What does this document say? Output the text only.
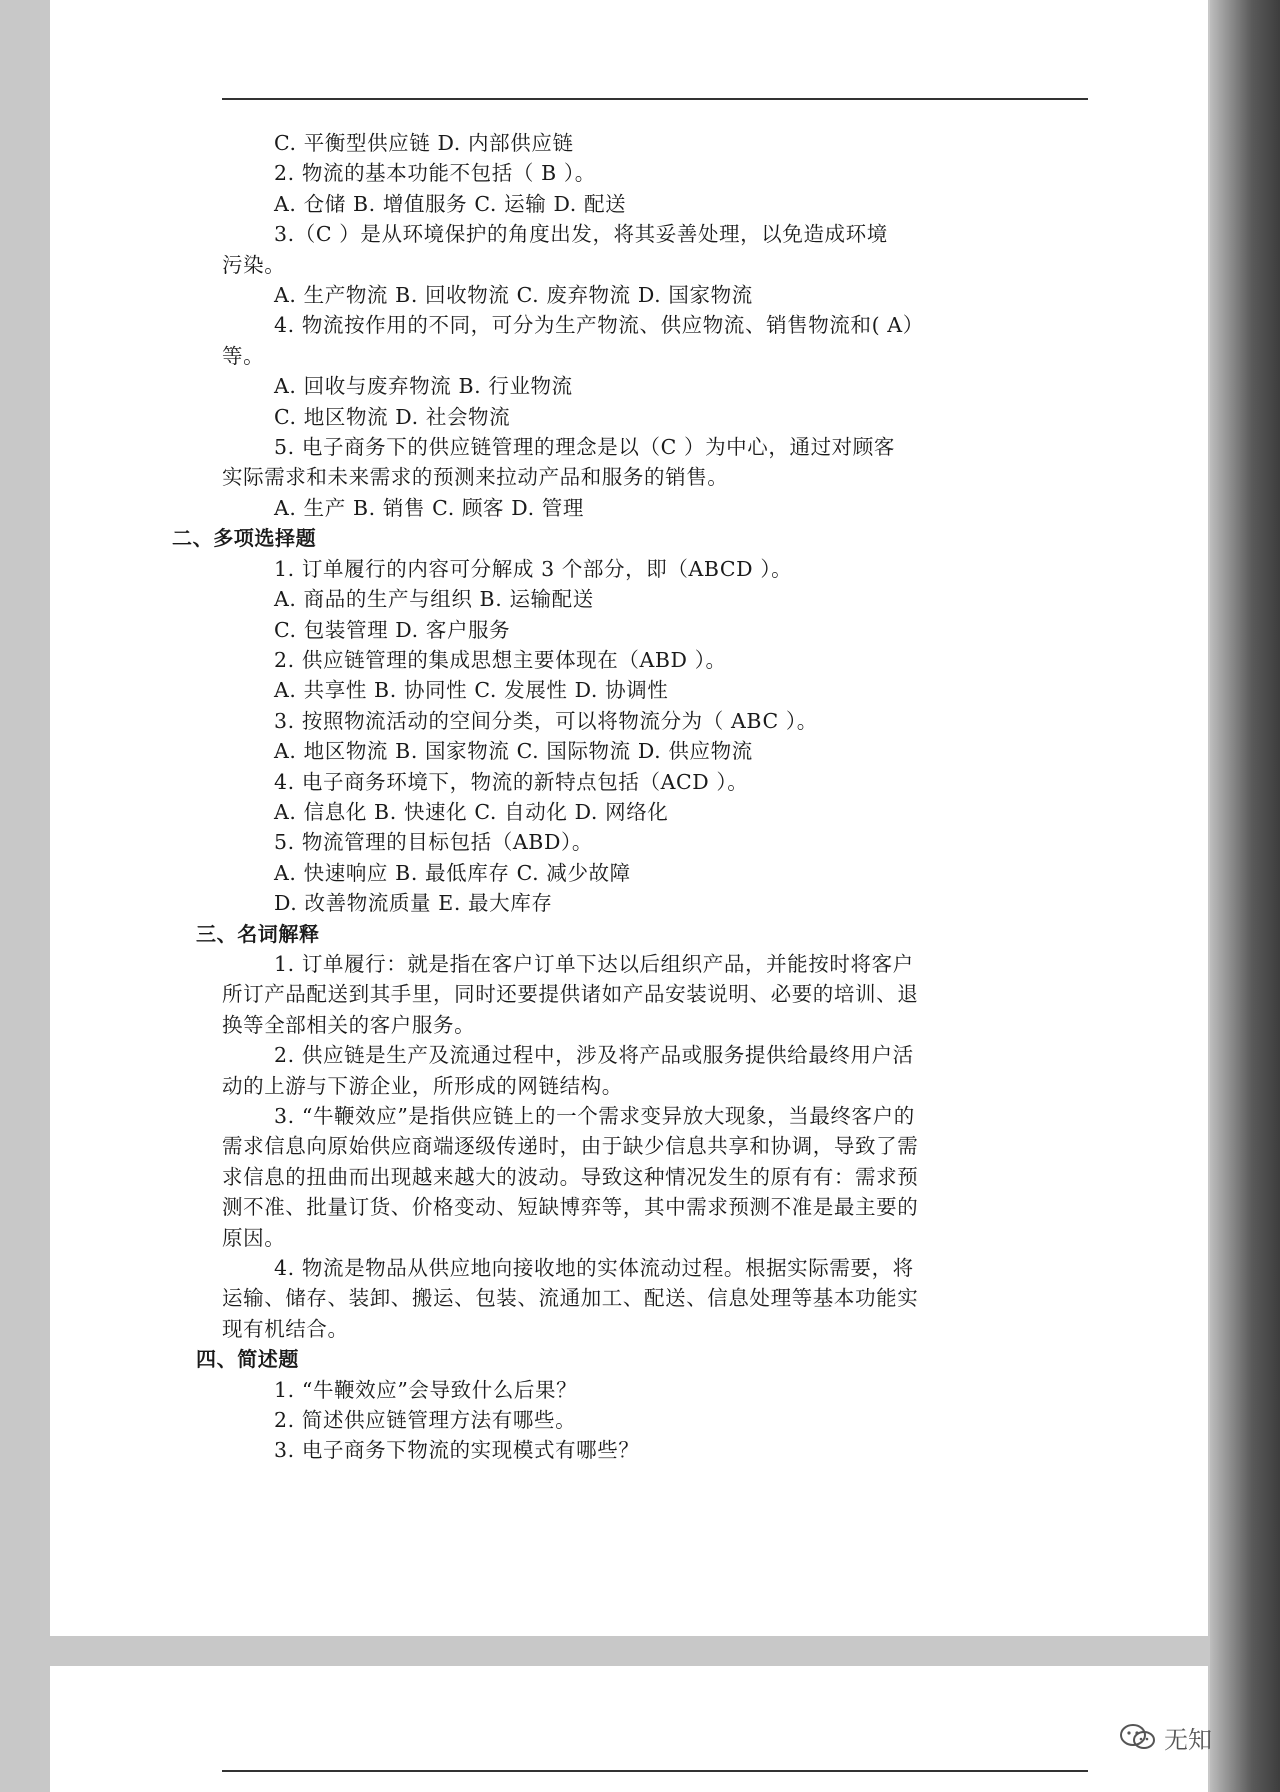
C. 平衡型供应链 D. 内部供应链
2. 物流的基本功能不包括（ B ）。
A. 仓储 B. 增值服务 C. 运输 D. 配送
3.（C ）是从环境保护的角度出发，将其妥善处理，以免造成环境
污染。
A. 生产物流 B. 回收物流 C. 废弃物流 D. 国家物流
4. 物流按作用的不同，可分为生产物流、供应物流、销售物流和( A）
等。
A. 回收与废弃物流 B. 行业物流
C. 地区物流 D. 社会物流
5. 电子商务下的供应链管理的理念是以（C ）为中心，通过对顾客
实际需求和未来需求的预测来拉动产品和服务的销售。
A. 生产 B. 销售 C. 顾客 D. 管理
二、多项选择题
1. 订单履行的内容可分解成 3 个部分，即（ABCD ）。
A. 商品的生产与组织 B. 运输配送
C. 包装管理 D. 客户服务
2. 供应链管理的集成思想主要体现在（ABD ）。
A. 共享性 B. 协同性 C. 发展性 D. 协调性
3. 按照物流活动的空间分类，可以将物流分为（ ABC ）。
A. 地区物流 B. 国家物流 C. 国际物流 D. 供应物流
4. 电子商务环境下，物流的新特点包括（ACD ）。
A. 信息化 B. 快速化 C. 自动化 D. 网络化
5. 物流管理的目标包括（ABD）。
A. 快速响应 B. 最低库存 C. 减少故障
D. 改善物流质量 E. 最大库存
三、名词解释
1. 订单履行：就是指在客户订单下达以后组织产品，并能按时将客户
所订产品配送到其手里，同时还要提供诸如产品安装说明、必要的培训、退
换等全部相关的客户服务。
2. 供应链是生产及流通过程中，涉及将产品或服务提供给最终用户活
动的上游与下游企业，所形成的网链结构。
3. “牛鞭效应”是指供应链上的一个需求变异放大现象，当最终客户的
需求信息向原始供应商端逐级传递时，由于缺少信息共享和协调，导致了需
求信息的扭曲而出现越来越大的波动。导致这种情况发生的原有有：需求预
测不准、批量订货、价格变动、短缺博弈等，其中需求预测不准是最主要的
原因。
4. 物流是物品从供应地向接收地的实体流动过程。根据实际需要，将
运输、储存、装卸、搬运、包装、流通加工、配送、信息处理等基本功能实
现有机结合。
四、简述题
1. “牛鞭效应”会导致什么后果？
2. 简述供应链管理方法有哪些。
3. 电子商务下物流的实现模式有哪些？
无知
